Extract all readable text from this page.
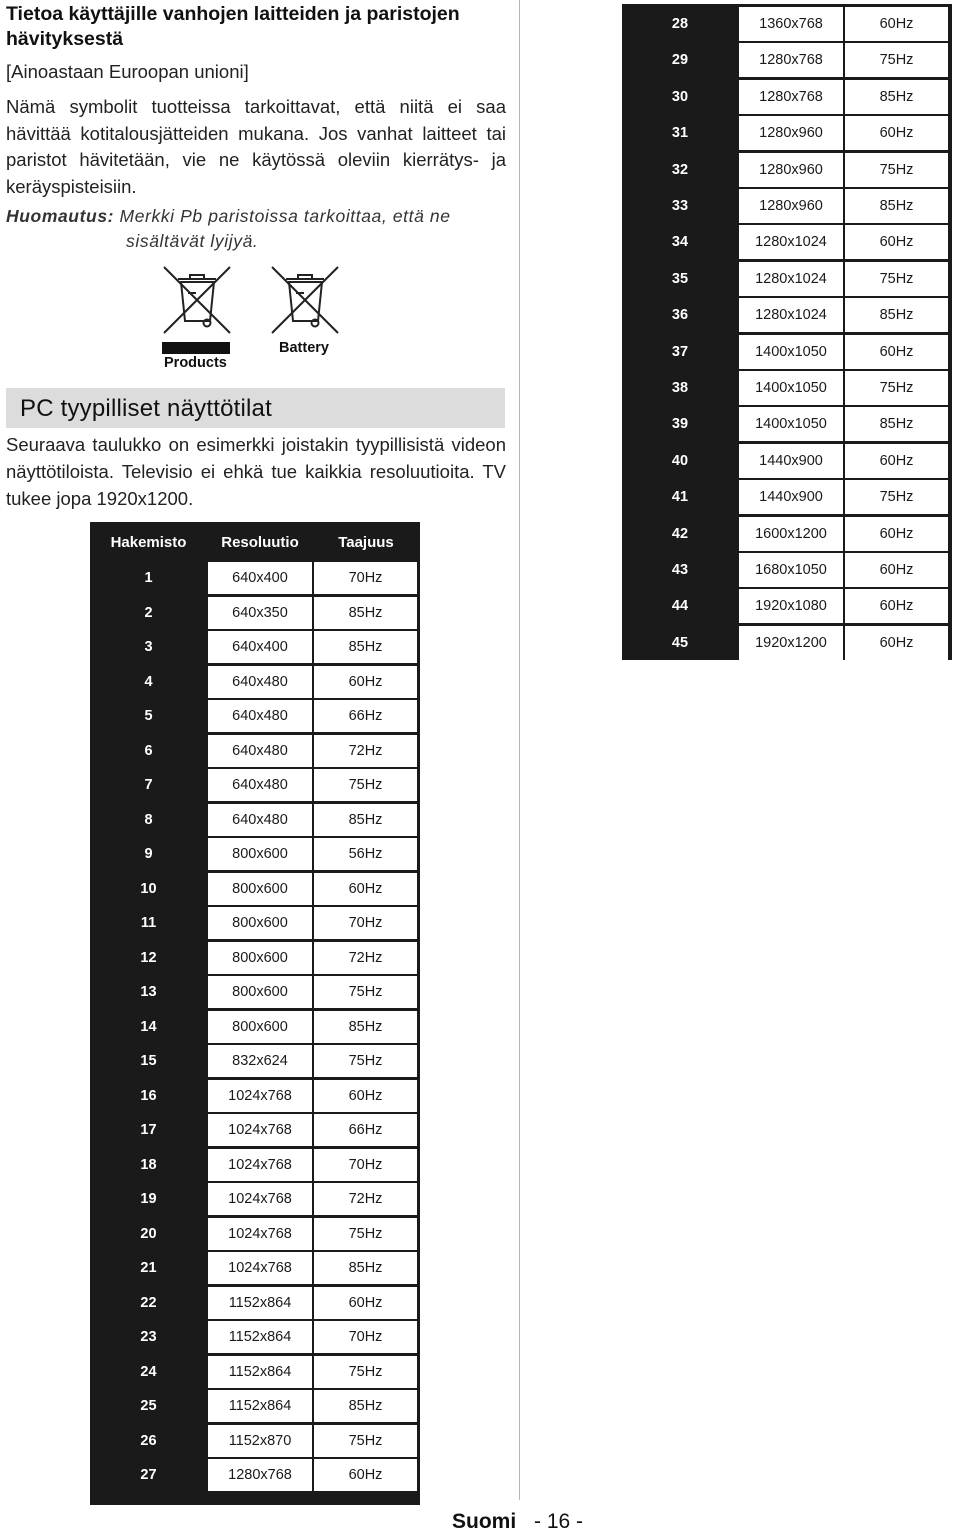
Tietoa käyttäjille vanhojen laitteiden ja paristojen hävityksestä
[Ainoastaan Euroopan unioni]
Nämä symbolit tuotteissa tarkoittavat, että niitä ei saa hävittää kotitalousjätteiden mukana. Jos vanhat laitteet tai paristot hävitetään, vie ne käytössä oleviin kierrätys- ja keräyspisteisiin.
Huomautus: Merkki Pb paristoissa tarkoittaa, että ne
sisältävät lyijyä.
Products
Battery
PC tyypilliset näyttötilat
Seuraava taulukko on esimerkki joistakin tyypillisistä videon näyttötiloista. Televisio ei ehkä tue kaikkia resoluutioita. TV tukee jopa 1920x1200.
Hakemisto	Resoluutio	Taajuus
1	640x400	70Hz
2	640x350	85Hz
3	640x400	85Hz
4	640x480	60Hz
5	640x480	66Hz
6	640x480	72Hz
7	640x480	75Hz
8	640x480	85Hz
9	800x600	56Hz
10	800x600	60Hz
11	800x600	70Hz
12	800x600	72Hz
13	800x600	75Hz
14	800x600	85Hz
15	832x624	75Hz
16	1024x768	60Hz
17	1024x768	66Hz
18	1024x768	70Hz
19	1024x768	72Hz
20	1024x768	75Hz
21	1024x768	85Hz
22	1152x864	60Hz
23	1152x864	70Hz
24	1152x864	75Hz
25	1152x864	85Hz
26	1152x870	75Hz
27	1280x768	60Hz
28	1360x768	60Hz
29	1280x768	75Hz
30	1280x768	85Hz
31	1280x960	60Hz
32	1280x960	75Hz
33	1280x960	85Hz
34	1280x1024	60Hz
35	1280x1024	75Hz
36	1280x1024	85Hz
37	1400x1050	60Hz
38	1400x1050	75Hz
39	1400x1050	85Hz
40	1440x900	60Hz
41	1440x900	75Hz
42	1600x1200	60Hz
43	1680x1050	60Hz
44	1920x1080	60Hz
45	1920x1200	60Hz
Suomi - 16 -
